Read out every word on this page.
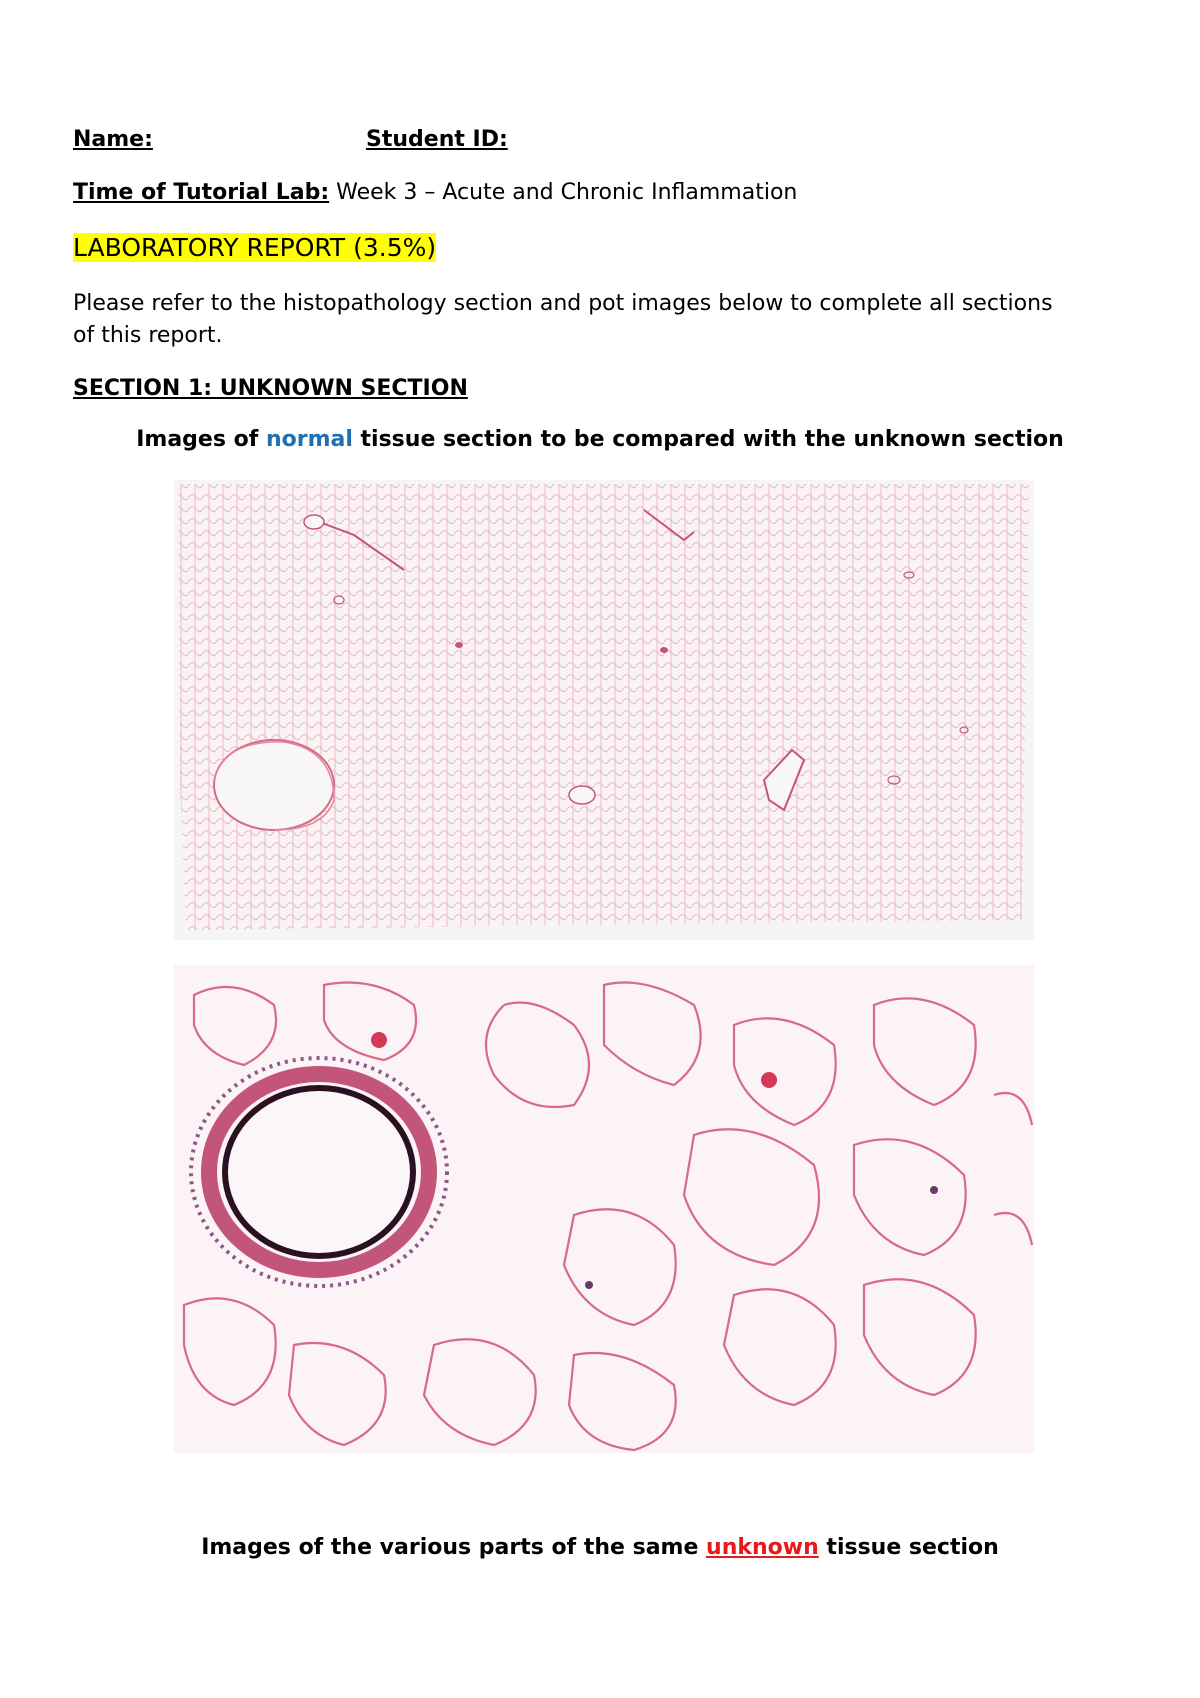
Name:	Student ID:
Time of Tutorial Lab: Week 3 – Acute and Chronic Inflammation
LABORATORY REPORT (3.5%)
Please refer to the histopathology section and pot images below to complete all sections of this report.
SECTION 1: UNKNOWN SECTION
Images of normal tissue section to be compared with the unknown section
Images of the various parts of the same unknown tissue section
